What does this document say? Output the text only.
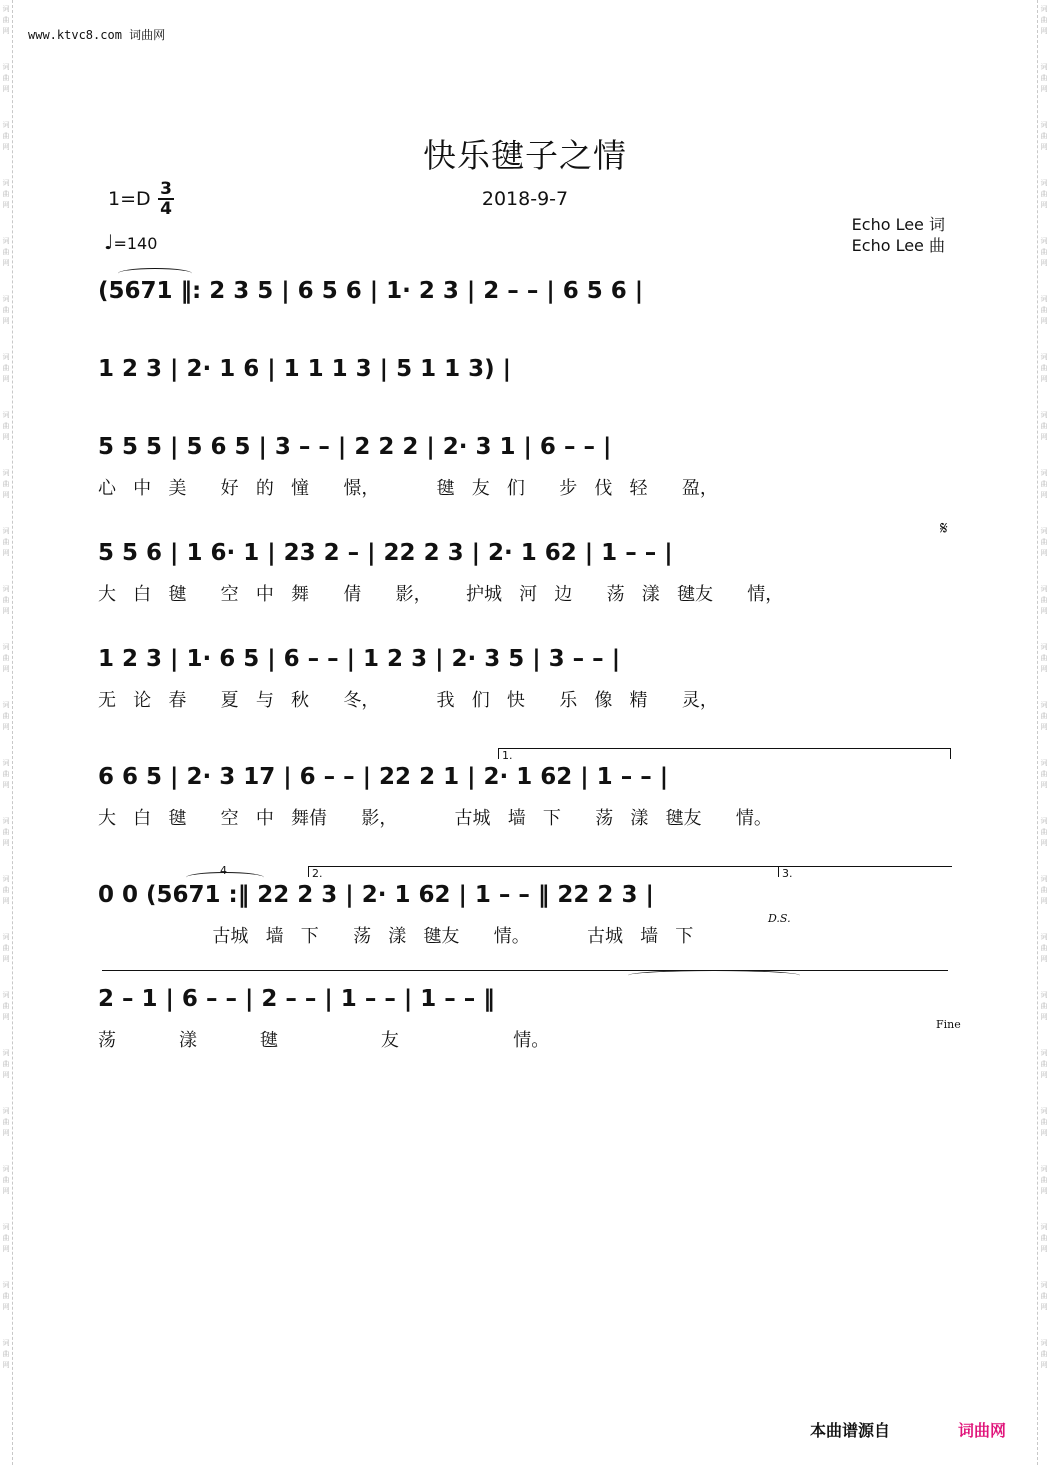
词曲网
词曲网
词曲网
词曲网
词曲网
词曲网
词曲网
词曲网
词曲网
词曲网
词曲网
词曲网
词曲网
词曲网
词曲网
词曲网
词曲网
词曲网
词曲网
词曲网
词曲网
词曲网
词曲网
词曲网
词曲网
词曲网
词曲网
词曲网
词曲网
词曲网
词曲网
词曲网
词曲网
词曲网
词曲网
词曲网
词曲网
词曲网
词曲网
词曲网
词曲网
词曲网
词曲网
词曲网
词曲网
词曲网
词曲网
词曲网
www.ktvc8.com 词曲网
快乐毽子之情
2018-9-7
1=D 3
4
♩=140
Echo Lee 词
Echo Lee 曲
1.
2.	3.
4
(5671 ‖: 2 3 5 | 6 5 6 | 1· 2 3 | 2 – – | 6 5 6 |
1 2 3 | 2· 1 6 | 1 1 1 3 | 5 1 1 3) |
5 5 5 | 5 6 5 | 3 – – | 2 2 2 | 2· 3 1 | 6 – – |
心   中   美      好   的   憧      憬，          毽   友   们      步   伐   轻      盈，
5 5 6 | 1 6· 1 | 23 2 – | 22 2 3 | 2· 1 62 | 1 – – |
大   白   毽      空   中   舞      倩      影，      护城   河   边      荡   漾   毽友      情，
𝄋
1 2 3 | 1· 6 5 | 6 – – | 1 2 3 | 2· 3 5 | 3 – – |
无   论   春      夏   与   秋      冬，          我   们   快      乐   像   精      灵，
6 6 5 | 2· 3 17 | 6 – – | 22 2 1 | 2· 1 62 | 1 – – |
大   白   毽      空   中   舞倩      影，          古城   墙   下      荡   漾   毽友      情。
0 0 (5671 :‖ 22 2 3 | 2· 1 62 | 1 – – ‖ 22 2 3 |
古城   墙   下      荡   漾   毽友      情。          古城   墙   下
D.S.
2 – 1 | 6 – – | 2 – – | 1 – – | 1 – – ‖
荡           漾           毽                  友                    情。
Fine
本曲谱源自	词曲网
